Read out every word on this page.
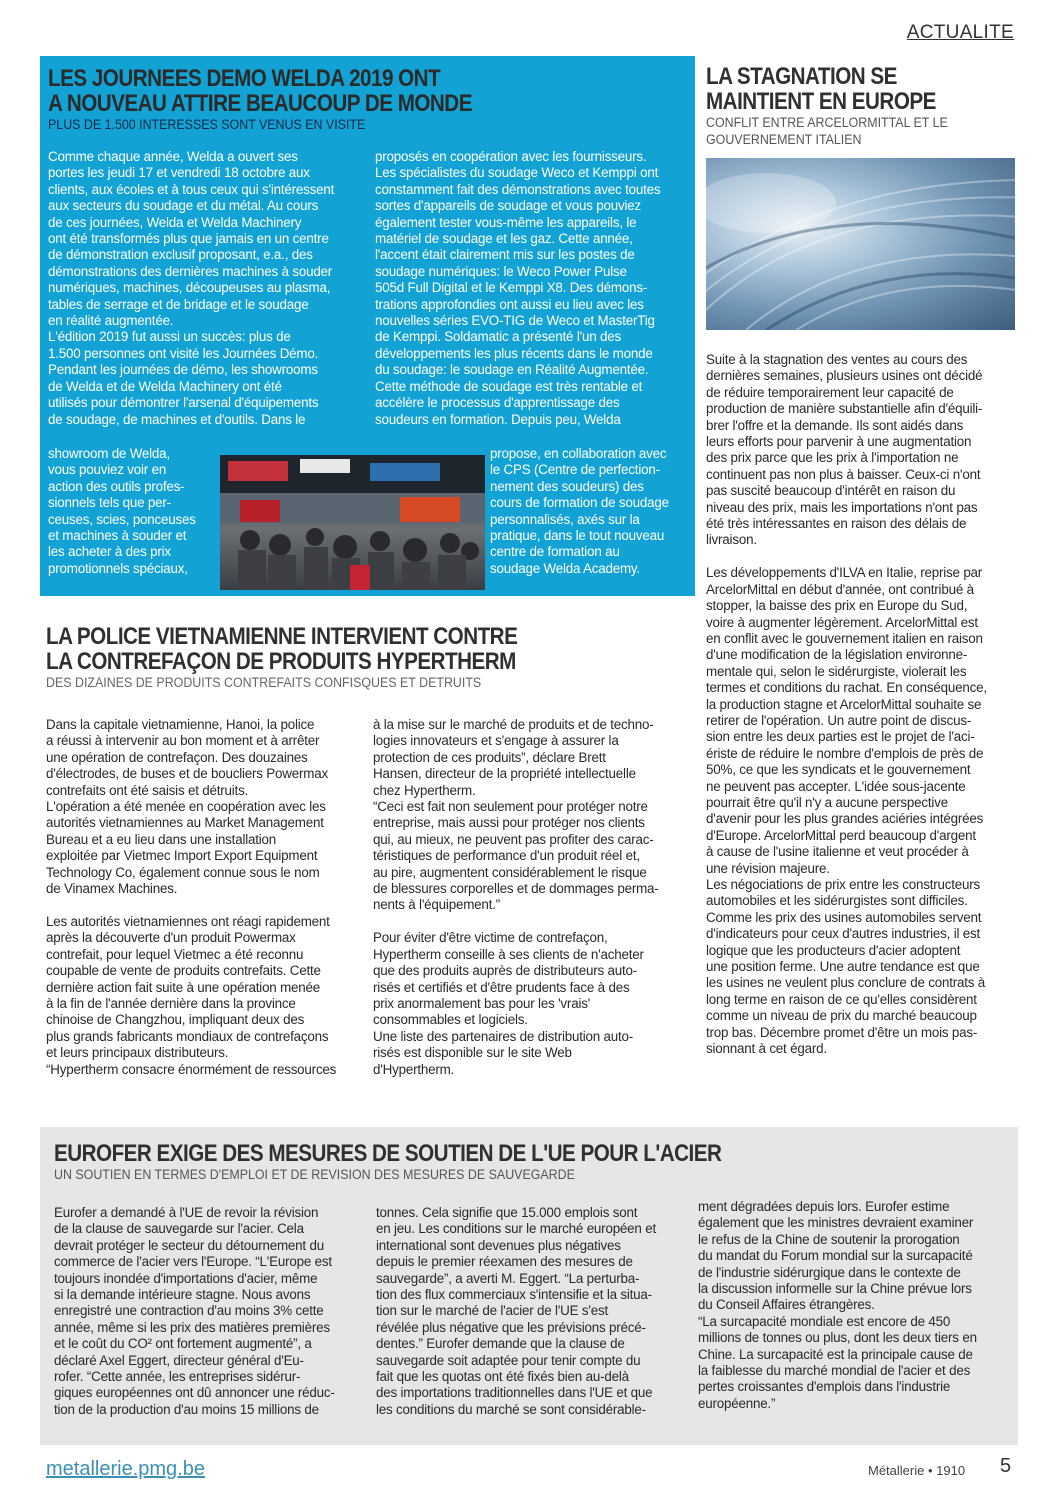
ACTUALITE
LES JOURNEES DEMO WELDA 2019 ONT
A NOUVEAU ATTIRE BEAUCOUP DE MONDE
PLUS DE 1.500 INTERESSES SONT VENUS EN VISITE

Comme chaque année, Welda a ouvert ses

portes les jeudi 17 et vendredi 18 octobre aux

clients, aux écoles et à tous ceux qui s'intéressent

aux secteurs du soudage et du métal. Au cours

de ces journées, Welda et Welda Machinery

ont été transformés plus que jamais en un centre

de démonstration exclusif proposant, e.a., des

démonstrations des dernières machines à souder

numériques, machines, découpeuses au plasma,

tables de serrage et de bridage et le soudage

en réalité augmentée.

L'édition 2019 fut aussi un succès: plus de

1.500 personnes ont visité les Journées Démo.

Pendant les journées de démo, les showrooms

de Welda et de Welda Machinery ont été

utilisés pour démontrer l'arsenal d'équipements

de soudage, de machines et d'outils. Dans le

showroom de Welda,

vous pouviez voir en

action des outils profes-

sionnels tels que per-

ceuses, scies, ponceuses

et machines à souder et

les acheter à des prix

promotionnels spéciaux,

proposés en coopération avec les fournisseurs.

Les spécialistes du soudage Weco et Kemppi ont

constamment fait des démonstrations avec toutes

sortes d'appareils de soudage et vous pouviez

également tester vous-même les appareils, le

matériel de soudage et les gaz. Cette année,

l'accent était clairement mis sur les postes de

soudage numériques: le Weco Power Pulse

505d Full Digital et le Kemppi X8. Des démons-

trations approfondies ont aussi eu lieu avec les

nouvelles séries EVO-TIG de Weco et MasterTig

de Kemppi. Soldamatic a présenté l'un des

développements les plus récents dans le monde

du soudage: le soudage en Réalité Augmentée.

Cette méthode de soudage est très rentable et

accélère le processus d'apprentissage des

soudeurs en formation. Depuis peu, Welda

propose, en collaboration avec

le CPS (Centre de perfection-

nement des soudeurs) des

cours de formation de soudage

personnalisés, axés sur la

pratique, dans le tout nouveau

centre de formation au

soudage Welda Academy.

LA STAGNATION SE
MAINTIENT EN EUROPE
CONFLIT ENTRE ARCELORMITTAL ET LE
GOUVERNEMENT ITALIEN

Suite à la stagnation des ventes au cours des

dernières semaines, plusieurs usines ont décidé

de réduire temporairement leur capacité de

production de manière substantielle afin d'équili-

brer l'offre et la demande. Ils sont aidés dans

leurs efforts pour parvenir à une augmentation

des prix parce que les prix à l'importation ne

continuent pas non plus à baisser. Ceux-ci n'ont

pas suscité beaucoup d'intérêt en raison du

niveau des prix, mais les importations n'ont pas

été très intéressantes en raison des délais de

livraison.

Les développements d'ILVA en Italie, reprise par

ArcelorMittal en début d'année, ont contribué à

stopper, la baisse des prix en Europe du Sud,

voire à augmenter légèrement. ArcelorMittal est

en conflit avec le gouvernement italien en raison

d'une modification de la législation environne-

mentale qui, selon le sidérurgiste, violerait les

termes et conditions du rachat. En conséquence,

la production stagne et ArcelorMittal souhaite se

retirer de l'opération. Un autre point de discus-

sion entre les deux parties est le projet de l'aci-

ériste de réduire le nombre d'emplois de près de

50%, ce que les syndicats et le gouvernement

ne peuvent pas accepter. L'idée sous-jacente

pourrait être qu'il n'y a aucune perspective

d'avenir pour les plus grandes aciéries intégrées

d'Europe. ArcelorMittal perd beaucoup d'argent

à cause de l'usine italienne et veut procéder à

une révision majeure.

Les négociations de prix entre les constructeurs

automobiles et les sidérurgistes sont difficiles.

Comme les prix des usines automobiles servent

d'indicateurs pour ceux d'autres industries, il est

logique que les producteurs d'acier adoptent

une position ferme. Une autre tendance est que

les usines ne veulent plus conclure de contrats à

long terme en raison de ce qu'elles considèrent

comme un niveau de prix du marché beaucoup

trop bas. Décembre promet d'être un mois pas-

sionnant à cet égard.

LA POLICE VIETNAMIENNE INTERVIENT CONTRE
LA CONTREFAÇON DE PRODUITS HYPERTHERM
DES DIZAINES DE PRODUITS CONTREFAITS CONFISQUES ET DETRUITS

Dans la capitale vietnamienne, Hanoi, la police

a réussi à intervenir au bon moment et à arrêter

une opération de contrefaçon. Des douzaines

d'électrodes, de buses et de boucliers Powermax

contrefaits ont été saisis et détruits.

L'opération a été menée en coopération avec les

autorités vietnamiennes au Market Management

Bureau et a eu lieu dans une installation

exploitée par Vietmec Import Export Equipment

Technology Co, également connue sous le nom

de Vinamex Machines.

Les autorités vietnamiennes ont réagi rapidement

après la découverte d'un produit Powermax

contrefait, pour lequel Vietmec a été reconnu

coupable de vente de produits contrefaits. Cette

dernière action fait suite à une opération menée

à la fin de l'année dernière dans la province

chinoise de Changzhou, impliquant deux des

plus grands fabricants mondiaux de contrefaçons

et leurs principaux distributeurs.

“Hypertherm consacre énormément de ressources

à la mise sur le marché de produits et de techno-

logies innovateurs et s'engage à assurer la

protection de ces produits”, déclare Brett

Hansen, directeur de la propriété intellectuelle

chez Hypertherm.

“Ceci est fait non seulement pour protéger notre

entreprise, mais aussi pour protéger nos clients

qui, au mieux, ne peuvent pas profiter des carac-

téristiques de performance d'un produit réel et,

au pire, augmentent considérablement le risque

de blessures corporelles et de dommages perma-

nents à l'équipement.”

Pour éviter d'être victime de contrefaçon,

Hypertherm conseille à ses clients de n'acheter

que des produits auprès de distributeurs auto-

risés et certifiés et d'être prudents face à des

prix anormalement bas pour les 'vrais'

consommables et logiciels.

Une liste des partenaires de distribution auto-

risés est disponible sur le site Web

d'Hypertherm.

EUROFER EXIGE DES MESURES DE SOUTIEN DE L'UE POUR L'ACIER
UN SOUTIEN EN TERMES D'EMPLOI ET DE REVISION DES MESURES DE SAUVEGARDE

Eurofer a demandé à l'UE de revoir la révision

de la clause de sauvegarde sur l'acier. Cela

devrait protéger le secteur du détournement du

commerce de l'acier vers l'Europe. “L'Europe est

toujours inondée d'importations d'acier, même

si la demande intérieure stagne. Nous avons

enregistré une contraction d'au moins 3% cette

année, même si les prix des matières premières

et le coût du CO² ont fortement augmenté”, a

déclaré Axel Eggert, directeur général d'Eu-

rofer. “Cette année, les entreprises sidérur-

giques européennes ont dû annoncer une réduc-

tion de la production d'au moins 15 millions de

tonnes. Cela signifie que 15.000 emplois sont

en jeu. Les conditions sur le marché européen et

international sont devenues plus négatives

depuis le premier réexamen des mesures de

sauvegarde”, a averti M. Eggert. “La perturba-

tion des flux commerciaux s'intensifie et la situa-

tion sur le marché de l'acier de l'UE s'est

révélée plus négative que les prévisions précé-

dentes.” Eurofer demande que la clause de

sauvegarde soit adaptée pour tenir compte du

fait que les quotas ont été fixés bien au-delà

des importations traditionnelles dans l'UE et que

les conditions du marché se sont considérable-

ment dégradées depuis lors. Eurofer estime

également que les ministres devraient examiner

le refus de la Chine de soutenir la prorogation

du mandat du Forum mondial sur la surcapacité

de l'industrie sidérurgique dans le contexte de

la discussion informelle sur la Chine prévue lors

du Conseil Affaires étrangères.

“La surcapacité mondiale est encore de 450

millions de tonnes ou plus, dont les deux tiers en

Chine. La surcapacité est la principale cause de

la faiblesse du marché mondial de l'acier et des

pertes croissantes d'emplois dans l'industrie

européenne.”

metallerie.pmg.be	Métallerie • 1910 5
